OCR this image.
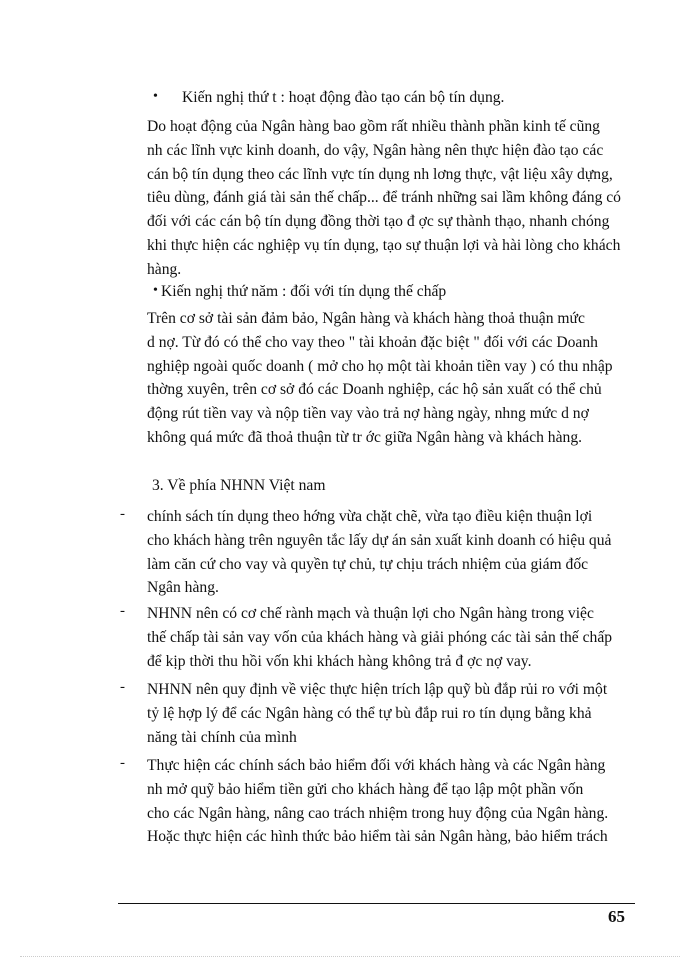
• Kiến nghị thứ t : hoạt động đào tạo cán bộ tín dụng.
Do hoạt động của Ngân hàng bao gồm rất nhiều thành phần kinh tế cũng
nh các lĩnh vực kinh doanh, do vậy, Ngân hàng nên thực hiện đào tạo các
cán bộ tín dụng theo các lĩnh vực tín dụng nh lơng thực, vật liệu xây dựng,
tiêu dùng, đánh giá tài sản thế chấp... để tránh những sai lầm không đáng có
đối với các cán bộ tín dụng đồng thời tạo đ ợc sự thành thạo, nhanh chóng
khi thực hiện các nghiệp vụ tín dụng, tạo sự thuận lợi và hài lòng cho khách
hàng.
• Kiến nghị thứ năm : đối với tín dụng thế chấp
Trên cơ sở tài sản đảm bảo, Ngân hàng và khách hàng thoả thuận mức
d nợ. Từ đó có thể cho vay theo " tài khoản đặc biệt " đối với các Doanh
nghiệp ngoài quốc doanh ( mở cho họ một tài khoản tiền vay ) có thu nhập
thờng xuyên, trên cơ sở đó các Doanh nghiệp, các hộ sản xuất có thể chủ
động rút tiền vay và nộp tiền vay vào trả nợ hàng ngày, nhng mức d nợ
không quá mức đã thoả thuận từ tr ớc giữa Ngân hàng và khách hàng.
3. Về phía NHNN Việt nam
- chính sách tín dụng theo hớng vừa chặt chẽ, vừa tạo điều kiện thuận lợi
cho khách hàng trên nguyên tắc lấy dự án sản xuất kinh doanh có hiệu quả
làm căn cứ cho vay và quyền tự chủ, tự chịu trách nhiệm của giám đốc
Ngân hàng.
- NHNN nên có cơ chế rành mạch và thuận lợi cho Ngân hàng trong việc
thế chấp tài sản vay vốn của khách hàng và giải phóng các tài sản thế chấp
để kịp thời thu hồi vốn khi khách hàng không trả đ ợc nợ vay.
- NHNN nên quy định về việc thực hiện trích lập quỹ bù đắp rủi ro với một
tỷ lệ hợp lý để các Ngân hàng có thể tự bù đắp rui ro tín dụng bằng khả
năng tài chính của mình
- Thực hiện các chính sách bảo hiểm đối với khách hàng và các Ngân hàng
nh mở quỹ bảo hiểm tiền gửi cho khách hàng để tạo lập một phần vốn
cho các Ngân hàng, nâng cao trách nhiệm trong huy động của Ngân hàng.
Hoặc thực hiện các hình thức bảo hiểm tài sản Ngân hàng, bảo hiểm trách
65
